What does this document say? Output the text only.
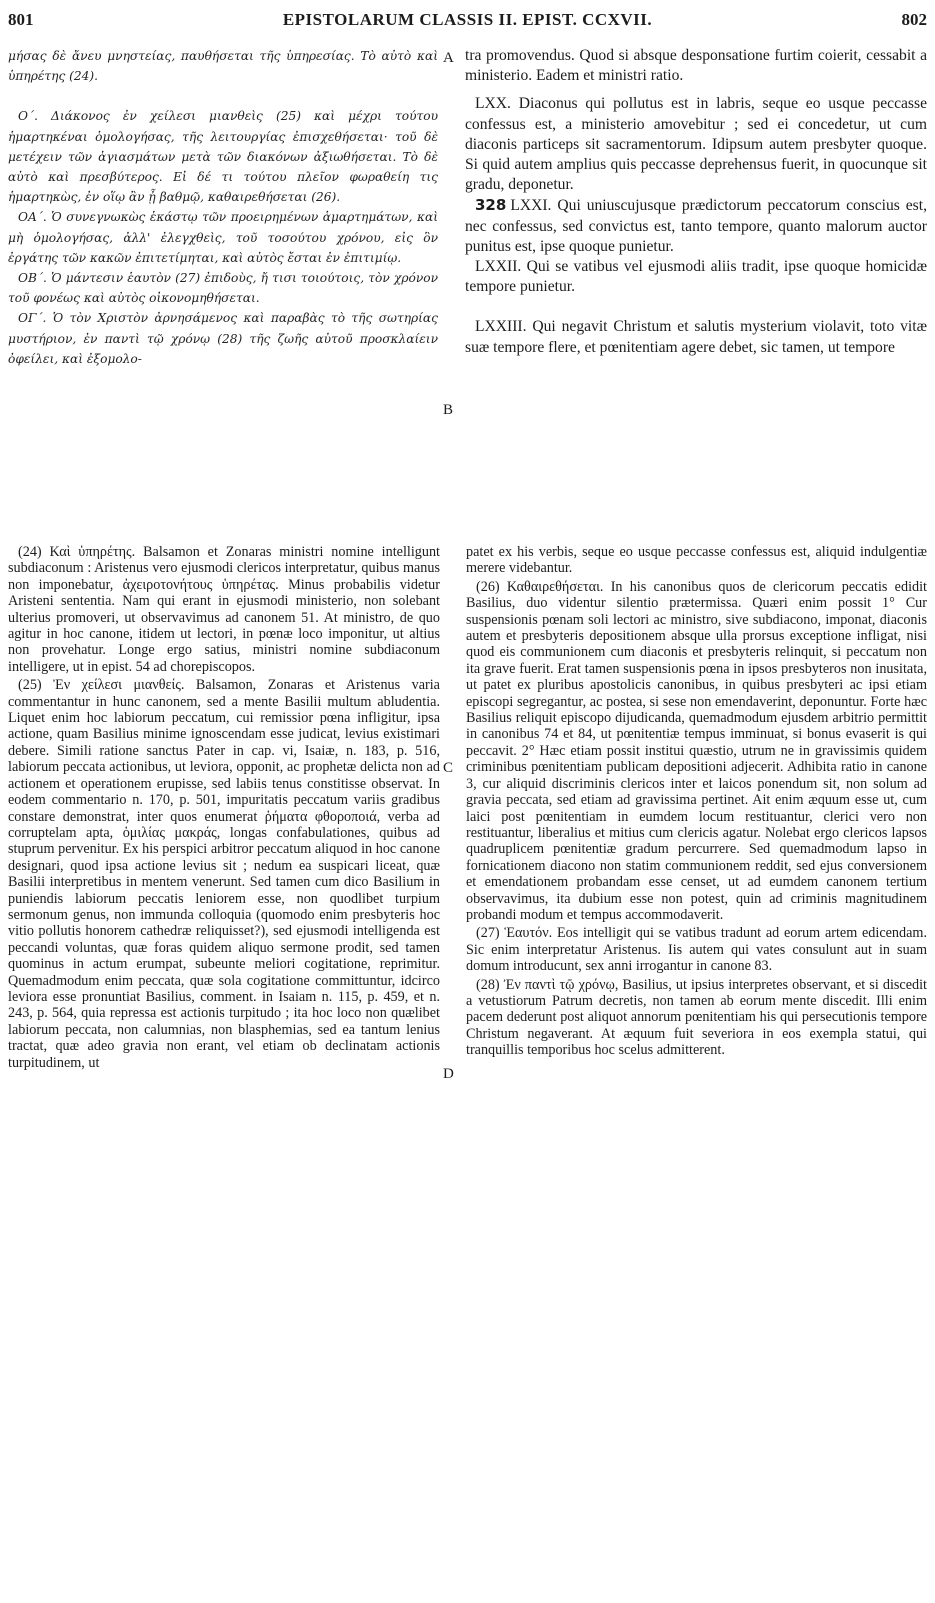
801	EPISTOLARUM CLASSIS II. EPIST. CCXVII.	802

μήσας δὲ ἄνευ μνηστείας, παυθήσεται τῆς ὑπηρεσίας. Τὸ αὐτὸ καὶ ὑπηρέτης (24).

Ο΄. Διάκονος ἐν χείλεσι μιανθεὶς (25) καὶ μέχρι τούτου ἡμαρτηκέναι ὁμολογήσας, τῆς λειτουργίας ἐπισχεθήσεται· τοῦ δὲ μετέχειν τῶν ἁγιασμάτων μετὰ τῶν διακόνων ἀξιωθήσεται. Τὸ δὲ αὐτὸ καὶ πρεσβύτερος. Εἰ δέ τι τούτου πλεῖον φωραθείη τις ἡμαρτηκὼς, ἐν οἵῳ ἂν ᾖ βαθμῷ, καθαιρεθήσεται (26).

ΟΑ΄. Ὁ συνεγνωκὼς ἑκάστῳ τῶν προειρημένων ἁμαρτημάτων, καὶ μὴ ὁμολογήσας, ἀλλ' ἐλεγχθεὶς, τοῦ τοσούτου χρόνου, εἰς ὃν ἐργάτης τῶν κακῶν ἐπιτετίμηται, καὶ αὐτὸς ἔσται ἐν ἐπιτιμίῳ.

ΟΒ΄. Ὁ μάντεσιν ἑαυτὸν (27) ἐπιδοὺς, ἤ τισι τοιούτοις, τὸν χρόνον τοῦ φονέως καὶ αὐτὸς οἰκονομηθήσεται.

ΟΓ΄. Ὁ τὸν Χριστὸν ἀρνησάμενος καὶ παραβὰς τὸ τῆς σωτηρίας μυστήριον, ἐν παντὶ τῷ χρόνῳ (28) τῆς ζωῆς αὐτοῦ προσκλαίειν ὀφείλει, καὶ ἐξομολο-

tra promovendus. Quod si absque desponsatione furtim coierit, cessabit a ministerio. Eadem et ministri ratio.

LXX. Diaconus qui pollutus est in labris, seque eo usque peccasse confessus est, a ministerio amovebitur ; sed ei concedetur, ut cum diaconis particeps sit sacramentorum. Idipsum autem presbyter quoque. Si quid autem amplius quis peccasse deprehensus fuerit, in quocunque sit gradu, deponetur.

328 LXXI. Qui uniuscujusque prædictorum peccatorum conscius est, nec confessus, sed convictus est, tanto tempore, quanto malorum auctor punitus est, ipse quoque punietur.

LXXII. Qui se vatibus vel ejusmodi aliis tradit, ipse quoque homicidæ tempore punietur.

LXXIII. Qui negavit Christum et salutis mysterium violavit, toto vitæ suæ tempore flere, et pœnitentiam agere debet, sic tamen, ut tempore

A
B
C
D

(24) Καὶ ὑπηρέτης. Balsamon et Zonaras ministri nomine intelligunt subdiaconum : Aristenus vero ejusmodi clericos interpretatur, quibus manus non imponebatur, ἀχειροτονήτους ὑπηρέτας. Minus probabilis videtur Aristeni sententia. Nam qui erant in ejusmodi ministerio, non solebant ulterius promoveri, ut observavimus ad canonem 51. At ministro, de quo agitur in hoc canone, itidem ut lectori, in pœnæ loco imponitur, ut altius non provehatur. Longe ergo satius, ministri nomine subdiaconum intelligere, ut in epist. 54 ad chorepiscopos.

(25) Ἐν χείλεσι μιανθείς. Balsamon, Zonaras et Aristenus varia commentantur in hunc canonem, sed a mente Basilii multum abludentia. Liquet enim hoc labiorum peccatum, cui remissior pœna infligitur, ipsa actione, quam Basilius minime ignoscendam esse judicat, levius existimari debere. Simili ratione sanctus Pater in cap. vi, Isaiæ, n. 183, p. 516, labiorum peccata actionibus, ut leviora, opponit, ac prophetæ delicta non ad actionem et operationem erupisse, sed labiis tenus constitisse observat. In eodem commentario n. 170, p. 501, impuritatis peccatum variis gradibus constare demonstrat, inter quos enumerat ῥήματα φθοροποιά, verba ad corruptelam apta, ὁμιλίας μακράς, longas confabulationes, quibus ad stuprum pervenitur. Ex his perspici arbitror peccatum aliquod in hoc canone designari, quod ipsa actione levius sit ; nedum ea suspicari liceat, quæ Basilii interpretibus in mentem venerunt. Sed tamen cum dico Basilium in puniendis labiorum peccatis leniorem esse, non quodlibet turpium sermonum genus, non immunda colloquia (quomodo enim presbyteris hoc vitio pollutis honorem cathedræ reliquisset?), sed ejusmodi intelligenda est peccandi voluntas, quæ foras quidem aliquo sermone prodit, sed tamen quominus in actum erumpat, subeunte meliori cogitatione, reprimitur. Quemadmodum enim peccata, quæ sola cogitatione committuntur, idcirco leviora esse pronuntiat Basilius, comment. in Isaiam n. 115, p. 459, et n. 243, p. 564, quia repressa est actionis turpitudo ; ita hoc loco non quælibet labiorum peccata, non calumnias, non blasphemias, sed ea tantum lenius tractat, quæ adeo gravia non erant, vel etiam ob declinatam actionis turpitudinem, ut

patet ex his verbis, seque eo usque peccasse confessus est, aliquid indulgentiæ merere videbantur.

(26) Καθαιρεθήσεται. In his canonibus quos de clericorum peccatis edidit Basilius, duo videntur silentio prætermissa. Quæri enim possit 1° Cur suspensionis pœnam soli lectori ac ministro, sive subdiacono, imponat, diaconis autem et presbyteris depositionem absque ulla prorsus exceptione infligat, nisi quod eis communionem cum diaconis et presbyteris relinquit, si peccatum non ita grave fuerit. Erat tamen suspensionis pœna in ipsos presbyteros non inusitata, ut patet ex pluribus apostolicis canonibus, in quibus presbyteri ac ipsi etiam episcopi segregantur, ac postea, si sese non emendaverint, deponuntur. Forte hæc Basilius reliquit episcopo dijudicanda, quemadmodum ejusdem arbitrio permittit in canonibus 74 et 84, ut pœnitentiæ tempus imminuat, si bonus evaserit is qui peccavit. 2° Hæc etiam possit institui quæstio, utrum ne in gravissimis quidem criminibus pœnitentiam publicam depositioni adjecerit. Adhibita ratio in canone 3, cur aliquid discriminis clericos inter et laicos ponendum sit, non solum ad gravia peccata, sed etiam ad gravissima pertinet. Ait enim æquum esse ut, cum laici post pœnitentiam in eumdem locum restituantur, clerici vero non restituantur, liberalius et mitius cum clericis agatur. Nolebat ergo clericos lapsos quadruplicem pœnitentiæ gradum percurrere. Sed quemadmodum lapso in fornicationem diacono non statim communionem reddit, sed ejus conversionem et emendationem probandam esse censet, ut ad eumdem canonem tertium observavimus, ita dubium esse non potest, quin ad criminis magnitudinem probandi modum et tempus accommodaverit.

(27) Ἑαυτόν. Eos intelligit qui se vatibus tradunt ad eorum artem edicendam. Sic enim interpretatur Aristenus. Iis autem qui vates consulunt aut in suam domum introducunt, sex anni irrogantur in canone 83.

(28) Ἐν παντὶ τῷ χρόνῳ, Basilius, ut ipsius interpretes observant, et si discedit a vetustiorum Patrum decretis, non tamen ab eorum mente discedit. Illi enim pacem dederunt post aliquot annorum pœnitentiam his qui persecutionis tempore Christum negaverant. At æquum fuit severiora in eos exempla statui, qui tranquillis temporibus hoc scelus admitterent.
